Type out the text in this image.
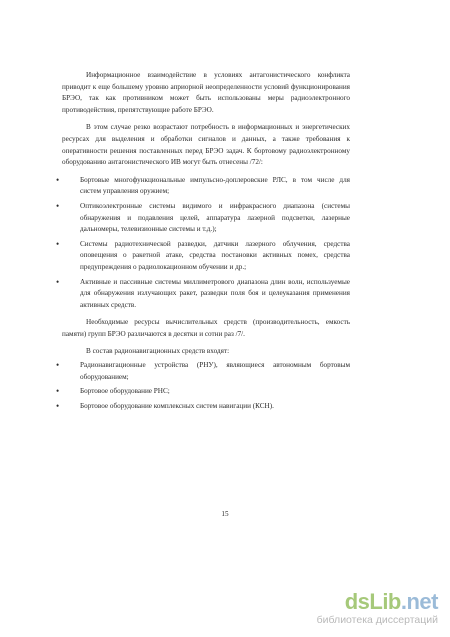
Информационное взаимодействие в условиях антагонистического конфликта приводит к еще большему уровню априорной неопределенности условий функционирования БРЭО, так как противником может быть использованы меры радиоэлектронного противодействия, препятствующие работе БРЭО.

В этом случае резко возрастают потребность в информационных и энергетических ресурсах для выделения и обработки сигналов и данных, а также требования к оперативности решения поставленных перед БРЭО задач. К бортовому радиоэлектронному оборудованию антагонистического ИВ могут быть отнесены /72/:

•	Бортовые многофункциональные импульсно-доплеровские РЛС, в том числе для систем управления оружием;
•	Оптикоэлектронные системы видимого и инфракрасного диапазона (системы обнаружения и подавления целей, аппаратура лазерной подсветки, лазерные дальномеры, телевизионные системы и т.д.);
•	Системы радиотехнической разведки, датчики лазерного облучения, средства оповещения о ракетной атаке, средства постановки активных помех, средства предупреждения о радиолокационном обучении и др.;
•	Активные и пассивные системы миллиметрового диапазона длин волн, используемые для обнаружения излучающих ракет, разведки поля боя и целеуказания применения активных средств.

Необходимые ресурсы вычислительных средств (производительность, емкость памяти) групп БРЭО различаются в десятки и сотни раз /7/.

В состав радионавигационных средств входят:

•	Радионавигационные устройства (РНУ), являющиеся автономным бортовым оборудованием;
•	Бортовое оборудование РНС;
•	Бортовое оборудование комплексных систем навигации (КСН).
15
dsLib.net
библиотека диссертаций
